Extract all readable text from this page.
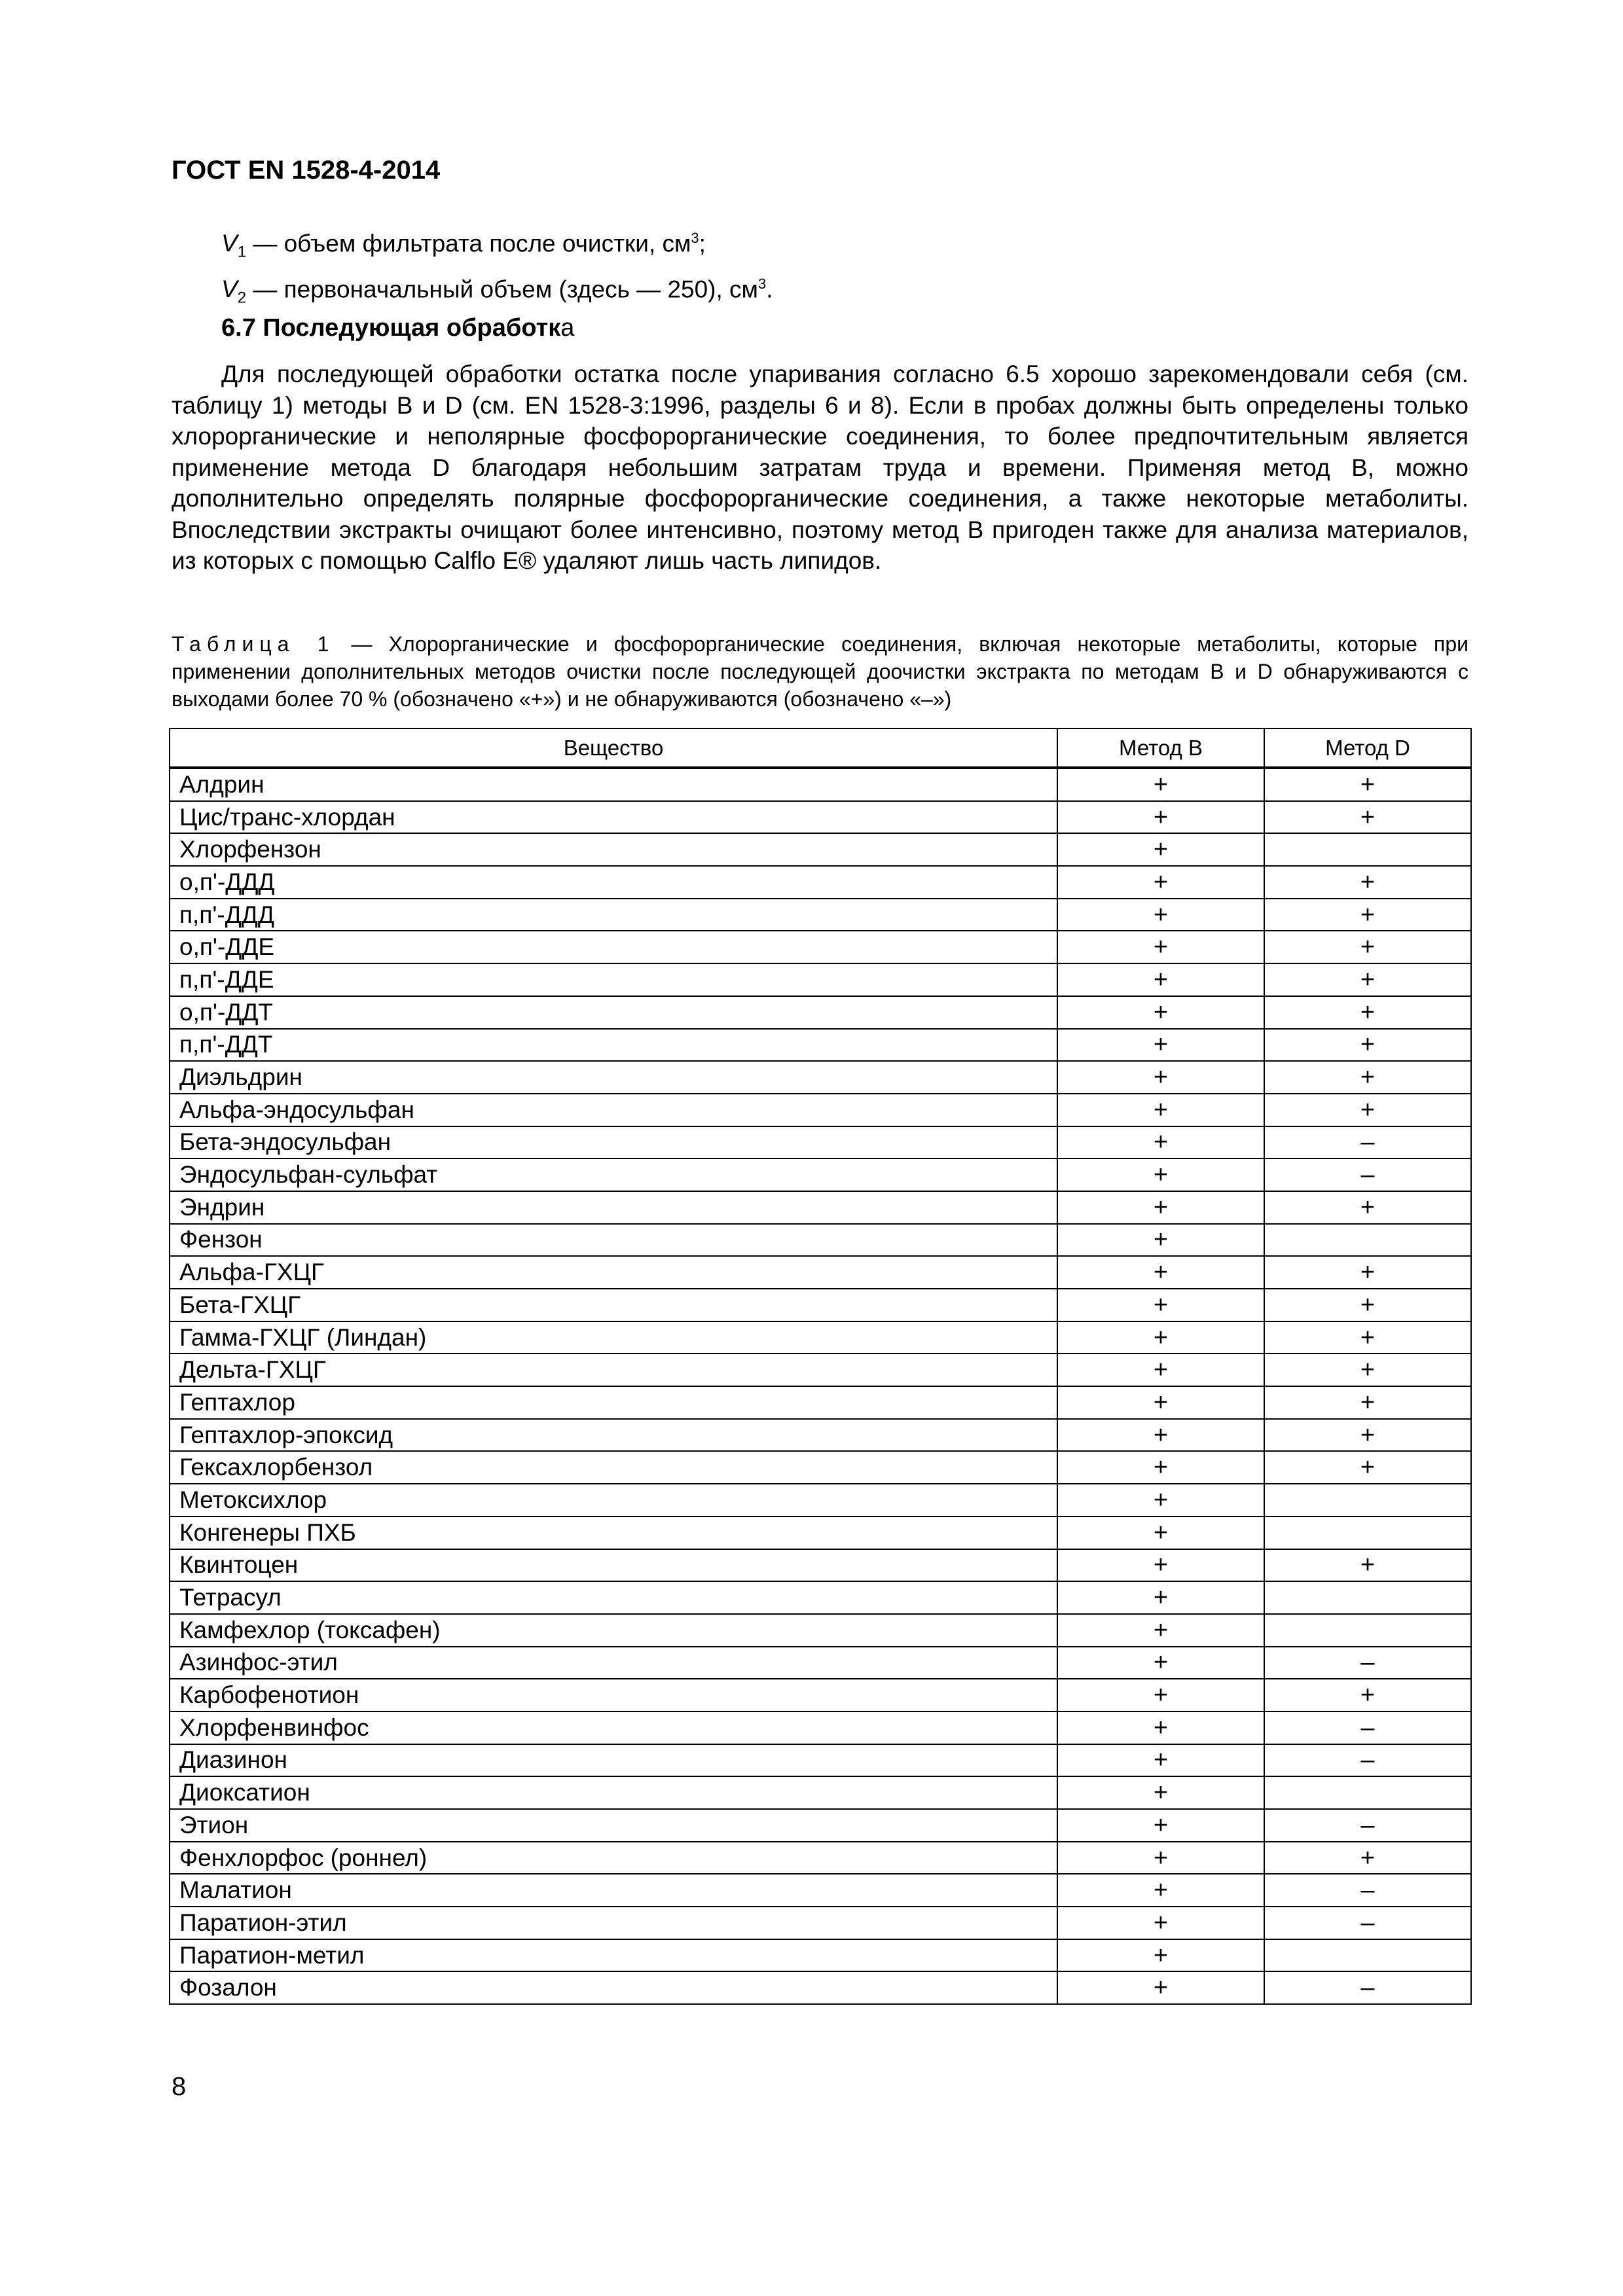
ГОСТ EN 1528-4-2014
$V_1$ — объем фильтрата после очистки, $см^3$;
$V_2$ — первоначальный объем (здесь — 250), $см^3$.
6.7 Последующая обработка
Для последующей обработки остатка после упаривания согласно 6.5 хорошо зарекомендовали себя (см. таблицу 1) методы B и D (см. EN 1528-3:1996, разделы 6 и 8). Если в пробах должны быть определены только хлорорганические и неполярные фосфорорганические соединения, то более предпочтительным является применение метода D благодаря небольшим затратам труда и времени. Применяя метод B, можно дополнительно определять полярные фосфорорганические соединения, а также некоторые метаболиты. Впоследствии экстракты очищают более интенсивно, поэтому метод B пригоден также для анализа материалов, из которых с помощью Calflo E® удаляют лишь часть липидов.
Таблица 1 — Хлорорганические и фосфорорганические соединения, включая некоторые метаболиты, которые при применении дополнительных методов очистки после последующей доочистки экстракта по методам B и D обнаруживаются с выходами более 70 % (обозначено «+») и не обнаруживаются (обозначено «–»)
Вещество	Метод B	Метод D
Алдрин	+	+
Цис/транс-хлордан	+	+
Хлорфензон	+	
о,п'-ДДД	+	+
п,п'-ДДД	+	+
о,п'-ДДЕ	+	+
п,п'-ДДЕ	+	+
о,п'-ДДТ	+	+
п,п'-ДДТ	+	+
Диэльдрин	+	+
Альфа-эндосульфан	+	+
Бета-эндосульфан	+	–
Эндосульфан-сульфат	+	–
Эндрин	+	+
Фензон	+	
Альфа-ГХЦГ	+	+
Бета-ГХЦГ	+	+
Гамма-ГХЦГ (Линдан)	+	+
Дельта-ГХЦГ	+	+
Гептахлор	+	+
Гептахлор-эпоксид	+	+
Гексахлорбензол	+	+
Метоксихлор	+	
Конгенеры ПХБ	+	
Квинтоцен	+	+
Тетрасул	+	
Камфехлор (токсафен)	+	
Азинфос-этил	+	–
Карбофенотион	+	+
Хлорфенвинфос	+	–
Диазинон	+	–
Диоксатион	+	
Этион	+	–
Фенхлорфос (роннел)	+	+
Малатион	+	–
Паратион-этил	+	–
Паратион-метил	+	
Фозалон	+	–
8
